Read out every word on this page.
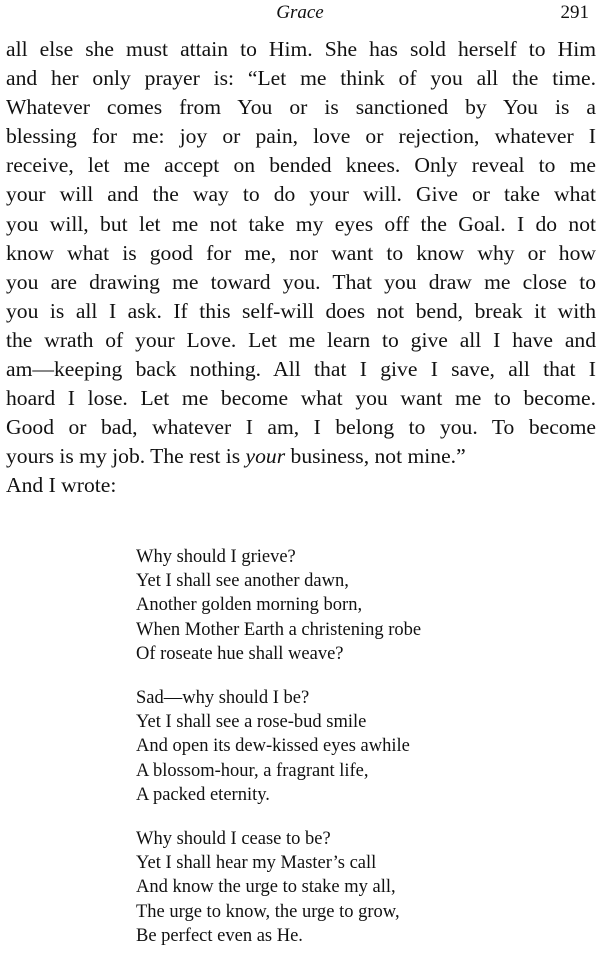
Grace	291
all else she must attain to Him. She has sold herself to Him
and her only prayer is: “Let me think of you all the time.
Whatever comes from You or is sanctioned by You is a
blessing for me: joy or pain, love or rejection, whatever I
receive, let me accept on bended knees. Only reveal to me
your will and the way to do your will. Give or take what
you will, but let me not take my eyes off the Goal. I do not
know what is good for me, nor want to know why or how
you are drawing me toward you. That you draw me close to
you is all I ask. If this self-will does not bend, break it with
the wrath of your Love. Let me learn to give all I have and
am—keeping back nothing. All that I give I save, all that I
hoard I lose. Let me become what you want me to become.
Good or bad, whatever I am, I belong to you. To become
yours is my job. The rest is your business, not mine.”
And I wrote:
Why should I grieve?
Yet I shall see another dawn,
Another golden morning born,
When Mother Earth a christening robe
Of roseate hue shall weave?
Sad—why should I be?
Yet I shall see a rose-bud smile
And open its dew-kissed eyes awhile
A blossom-hour, a fragrant life,
A packed eternity.
Why should I cease to be?
Yet I shall hear my Master’s call
And know the urge to stake my all,
The urge to know, the urge to grow,
Be perfect even as He.
